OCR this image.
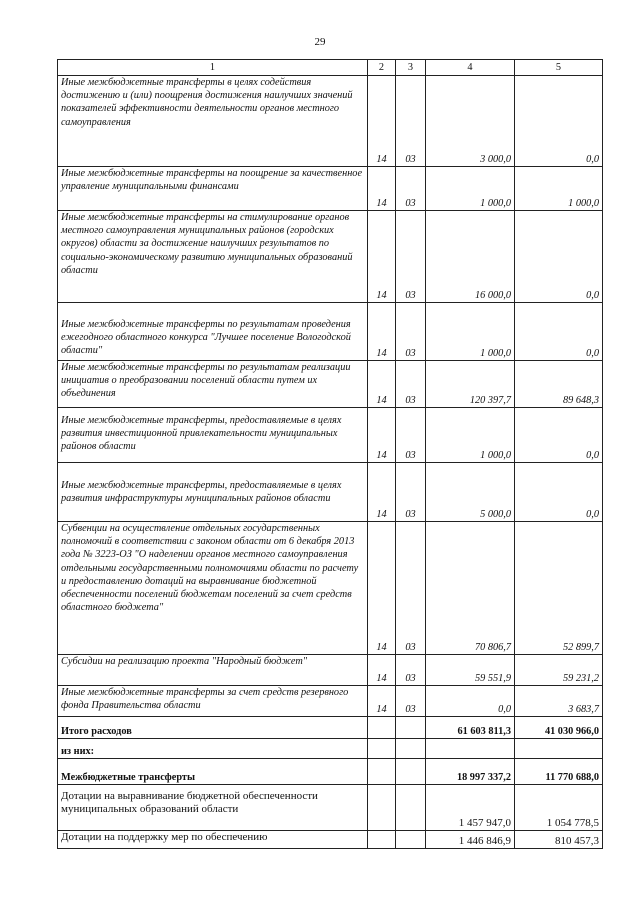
29
1	2	3	4	5
Иные межбюджетные трансферты в целях содействия достижению и (или) поощрения достижения наилучших значений показателей эффективности деятельности органов местного самоуправления	14	03	3 000,0	0,0
Иные межбюджетные трансферты на поощрение за качественное управление муниципальными финансами	14	03	1 000,0	1 000,0
Иные межбюджетные трансферты на стимулирование органов местного самоуправления муниципальных районов (городских округов) области за достижение наилучших результатов по социально-экономическому развитию муниципальных образований области	14	03	16 000,0	0,0
Иные межбюджетные трансферты по результатам проведения ежегодного областного конкурса "Лучшее поселение Вологодской области"	14	03	1 000,0	0,0
Иные межбюджетные трансферты по результатам реализации инициатив о преобразовании поселений области путем их объединения	14	03	120 397,7	89 648,3
Иные межбюджетные трансферты, предоставляемые в целях развития инвестиционной привлекательности муниципальных районов области	14	03	1 000,0	0,0
Иные межбюджетные трансферты, предоставляемые в целях развития инфраструктуры муниципальных районов области	14	03	5 000,0	0,0
Субвенции на осуществление отдельных государственных полномочий в соответствии с законом области от 6 декабря 2013 года № 3223-ОЗ "О наделении органов местного самоуправления отдельными государственными полномочиями области по расчету и предоставлению дотаций на выравнивание бюджетной обеспеченности поселений бюджетам поселений за счет средств областного бюджета"	14	03	70 806,7	52 899,7
Субсидии на реализацию проекта "Народный бюджет"	14	03	59 551,9	59 231,2
Иные межбюджетные трансферты за счет средств резервного фонда Правительства области	14	03	0,0	3 683,7
Итого расходов			61 603 811,3	41 030 966,0
из них:				
Межбюджетные трансферты			18 997 337,2	11 770 688,0
Дотации на выравнивание бюджетной обеспеченности муниципальных образований области			1 457 947,0	1 054 778,5
Дотации на поддержку мер по обеспечению			1 446 846,9	810 457,3
